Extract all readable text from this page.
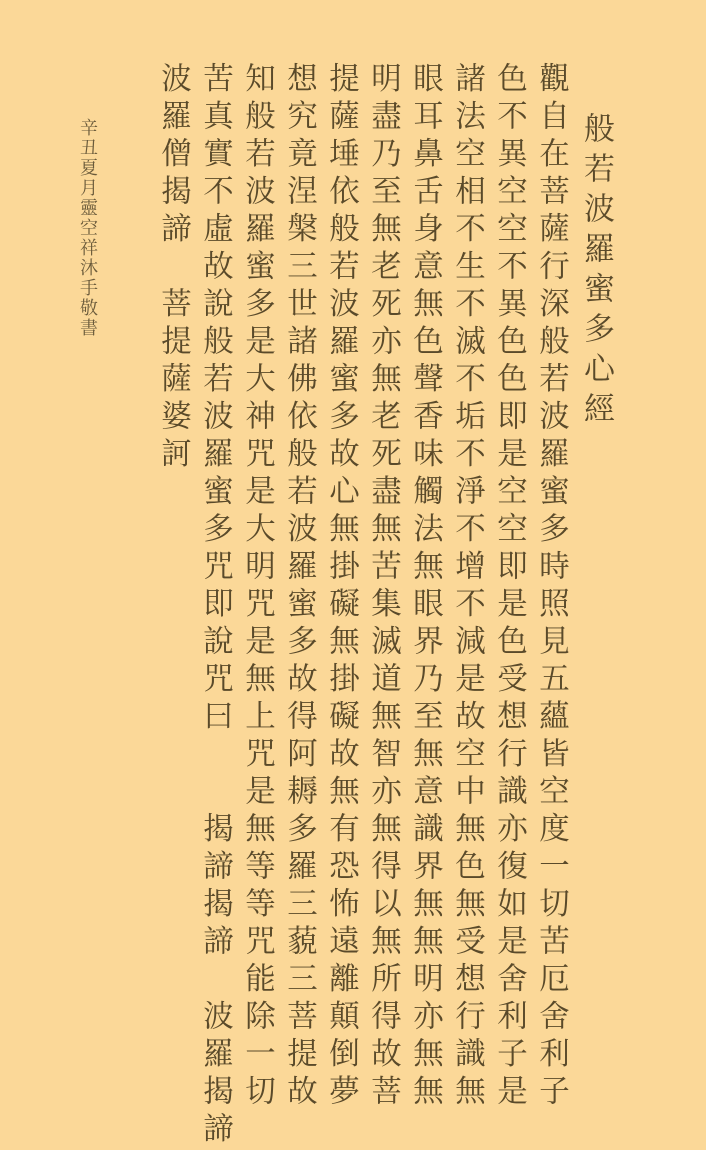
般若波羅蜜多心經
觀自在菩薩行深般若波羅蜜多時照見五蘊皆空度一切苦厄舍利子
色不異空空不異色色即是空空即是色受想行識亦復如是舍利子是
諸法空相不生不滅不垢不淨不增不減是故空中無色無受想行識無
眼耳鼻舌身意無色聲香味觸法無眼界乃至無意識界無無明亦無無
明盡乃至無老死亦無老死盡無苦集滅道無智亦無得以無所得故菩
提薩埵依般若波羅蜜多故心無掛礙無掛礙故無有恐怖遠離顛倒夢
想究竟涅槃三世諸佛依般若波羅蜜多故得阿耨多羅三藐三菩提故
知般若波羅蜜多是大神咒是大明咒是無上咒是無等等咒能除一切
苦真實不虛故說般若波羅蜜多咒即說咒曰　　揭諦揭諦　波羅揭諦
波羅僧揭諦　菩提薩婆訶
辛丑夏月靈空祥沐手敬書
